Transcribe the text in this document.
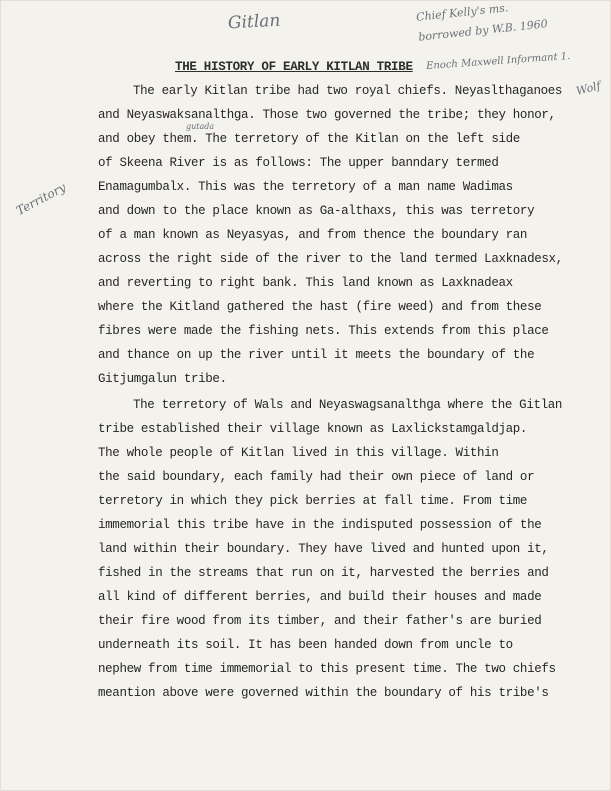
Gitlan	Chief Kelly's ms.
borrowed by W.B. 1960
Enoch Maxwell Informant 1.
Wolf
gutada
Territory
THE HISTORY OF EARLY KITLAN TRIBE
The early Kitlan tribe had two royal chiefs. Neyaslthaganoes
and Neyaswaksanalthga. Those two governed the tribe; they honor,
and obey them. The terretory of the Kitlan on the left side
of Skeena River is as follows: The upper banndary termed
Enamagumbalx. This was the terretory of a man name Wadimas
and down to the place known as Ga-althaxs, this was terretory
of a man known as Neyasyas, and from thence the boundary ran
across the right side of the river to the land termed Laxknadesx,
and reverting to right bank. This land known as Laxknadeax
where the Kitland gathered the hast (fire weed) and from these
fibres were made the fishing nets. This extends from this place
and thance on up the river until it meets the boundary of the
Gitjumgalun tribe.
The terretory of Wals and Neyaswagsanalthga where the Gitlan
tribe established their village known as Laxlickstamgaldjap.
The whole people of Kitlan lived in this village. Within
the said boundary, each family had their own piece of land or
terretory in which they pick berries at fall time. From time
immemorial this tribe have in the indisputed possession of the
land within their boundary. They have lived and hunted upon it,
fished in the streams that run on it, harvested the berries and
all kind of different berries, and build their houses and made
their fire wood from its timber, and their father's are buried
underneath its soil. It has been handed down from uncle to
nephew from time immemorial to this present time. The two chiefs
meantion above were governed within the boundary of his tribe's
